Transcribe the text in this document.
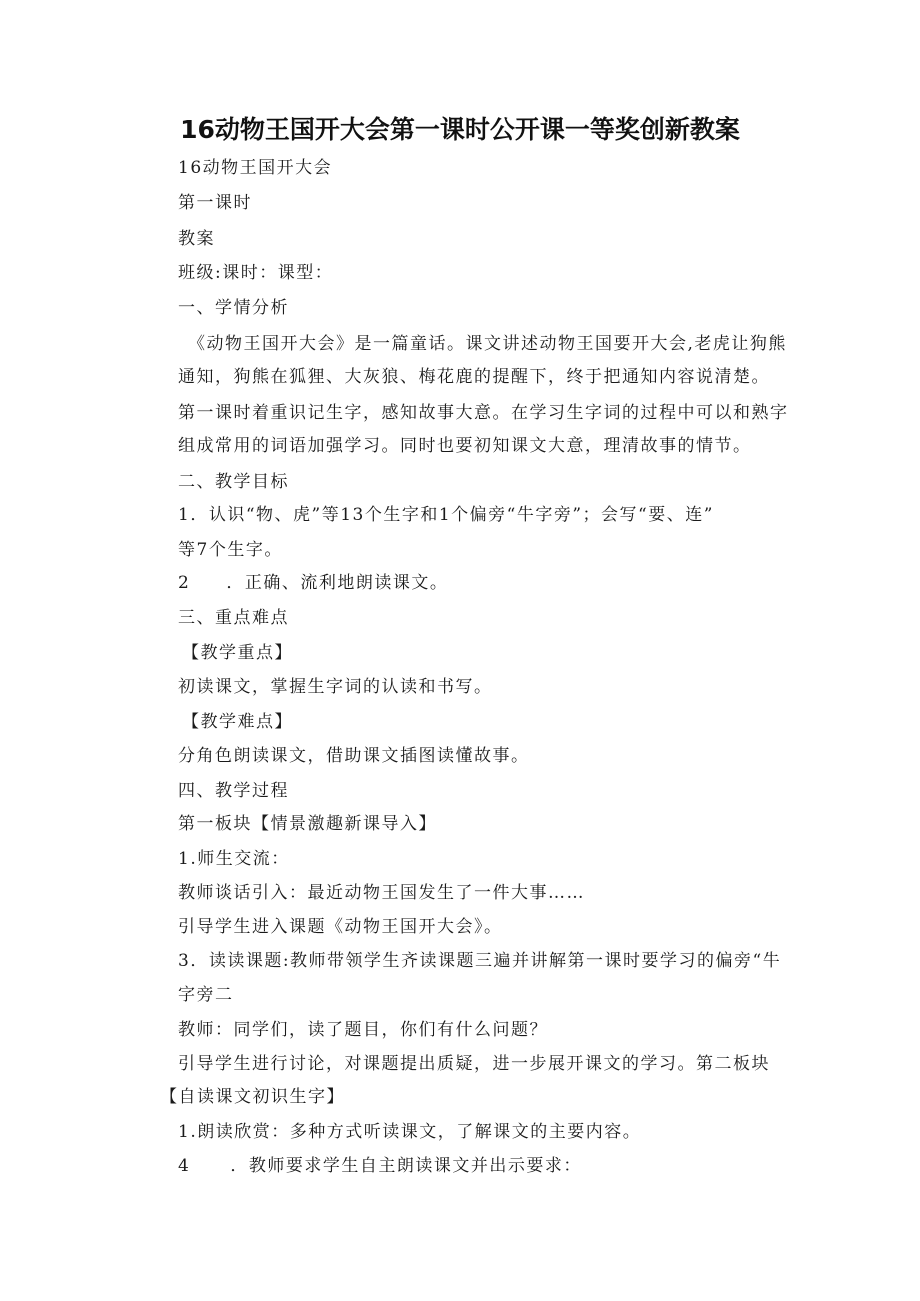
16动物王国开大会第一课时公开课一等奖创新教案
16动物王国开大会
第一课时
教案
班级:课时：课型：
一、学情分析
《动物王国开大会》是一篇童话。课文讲述动物王国要开大会,老虎让狗熊
通知，狗熊在狐狸、大灰狼、梅花鹿的提醒下，终于把通知内容说清楚。
第一课时着重识记生字，感知故事大意。在学习生字词的过程中可以和熟字
组成常用的词语加强学习。同时也要初知课文大意，理清故事的情节。
二、教学目标
1．认识“物、虎”等13个生字和1个偏旁“牛字旁”；会写“要、连”
等7个生字。
2 ．正确、流利地朗读课文。
三、重点难点
【教学重点】
初读课文，掌握生字词的认读和书写。
【教学难点】
分角色朗读课文，借助课文插图读懂故事。
四、教学过程
第一板块【情景激趣新课导入】
1.师生交流：
教师谈话引入：最近动物王国发生了一件大事……
引导学生进入课题《动物王国开大会》。
3．读读课题:教师带领学生齐读课题三遍并讲解第一课时要学习的偏旁“牛
字旁二
教师：同学们，读了题目，你们有什么问题？
引导学生进行讨论，对课题提出质疑，进一步展开课文的学习。第二板块
【自读课文初识生字】
1.朗读欣赏：多种方式听读课文，了解课文的主要内容。
4 ．教师要求学生自主朗读课文并出示要求：
